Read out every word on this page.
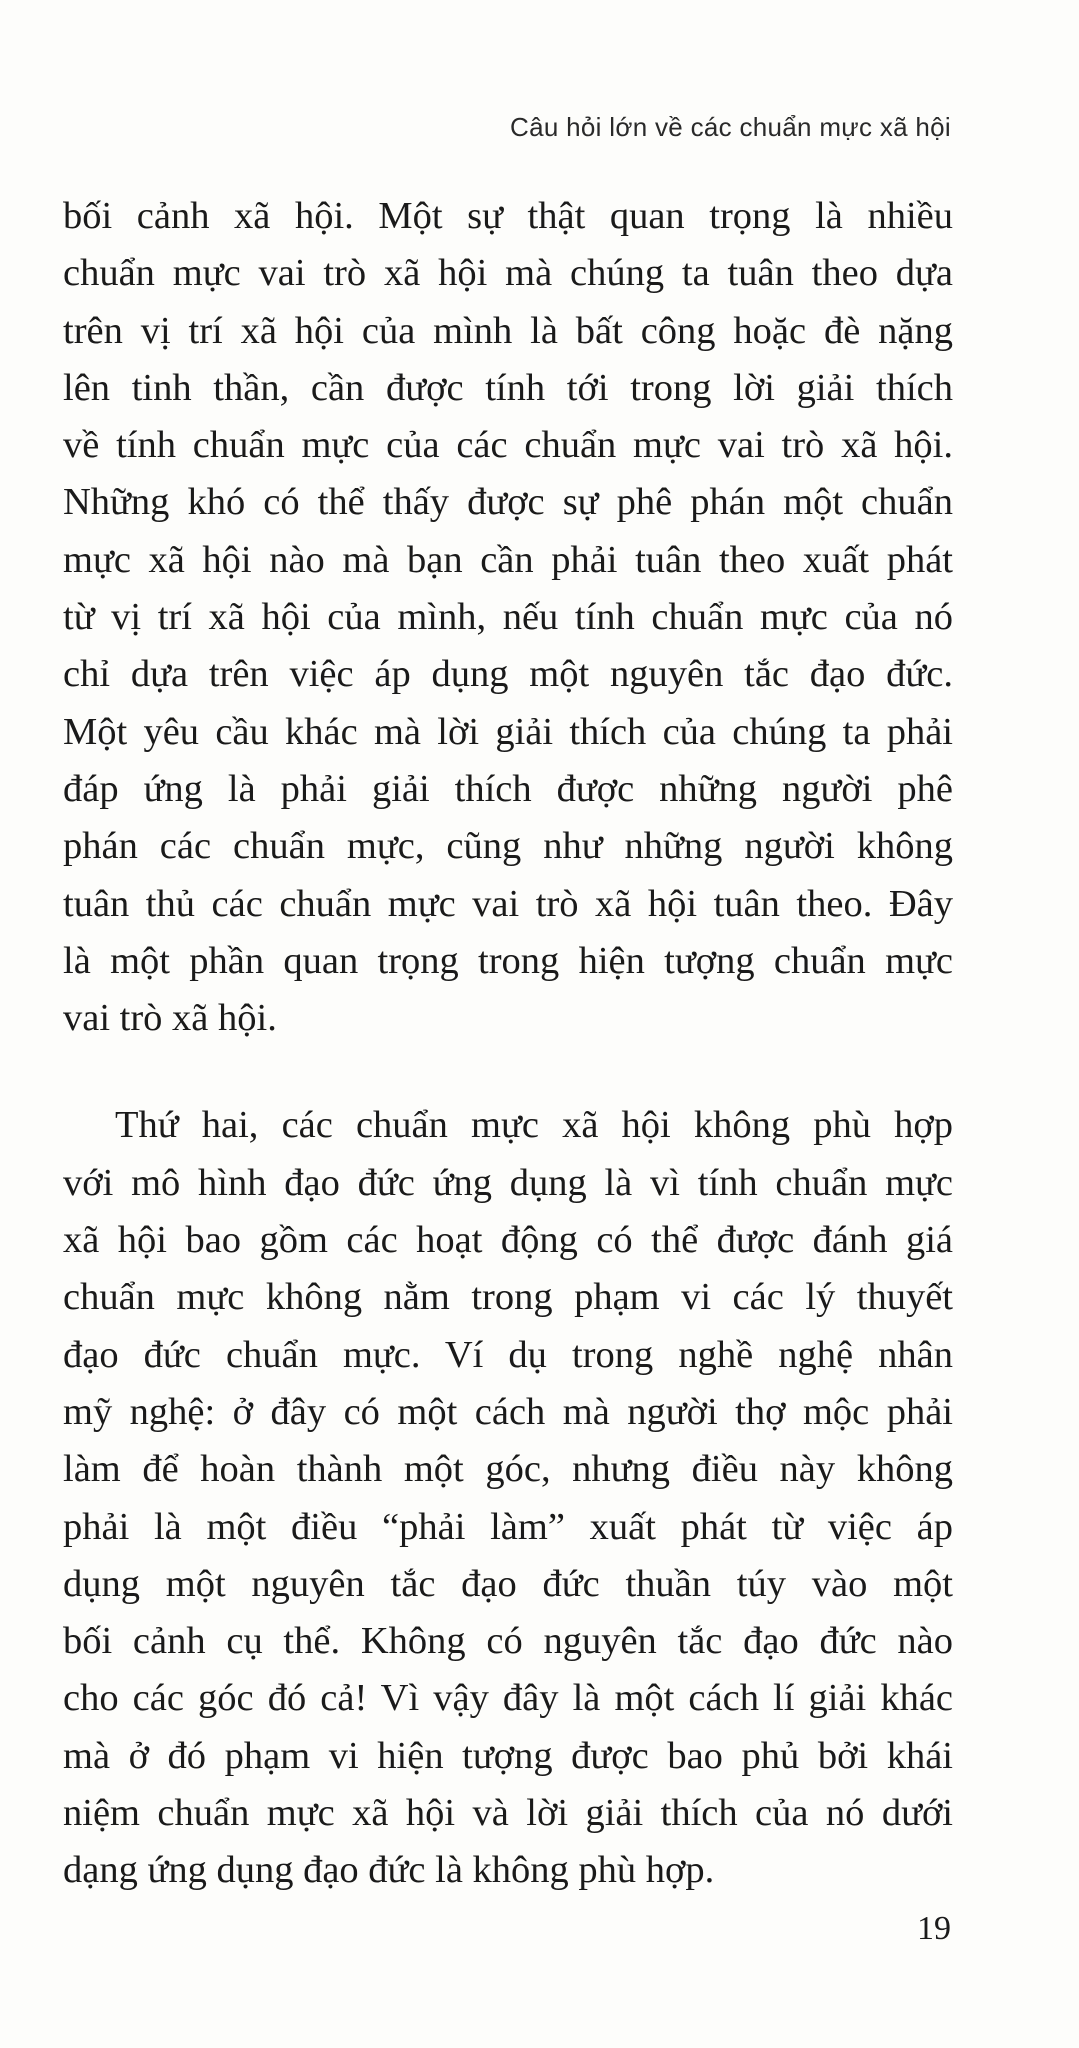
Câu hỏi lớn về các chuẩn mực xã hội
bối cảnh xã hội. Một sự thật quan trọng là nhiều
chuẩn mực vai trò xã hội mà chúng ta tuân theo dựa
trên vị trí xã hội của mình là bất công hoặc đè nặng
lên tinh thần, cần được tính tới trong lời giải thích
về tính chuẩn mực của các chuẩn mực vai trò xã hội.
Những khó có thể thấy được sự phê phán một chuẩn
mực xã hội nào mà bạn cần phải tuân theo xuất phát
từ vị trí xã hội của mình, nếu tính chuẩn mực của nó
chỉ dựa trên việc áp dụng một nguyên tắc đạo đức.
Một yêu cầu khác mà lời giải thích của chúng ta phải
đáp ứng là phải giải thích được những người phê
phán các chuẩn mực, cũng như những người không
tuân thủ các chuẩn mực vai trò xã hội tuân theo. Đây
là một phần quan trọng trong hiện tượng chuẩn mực
vai trò xã hội.
Thứ hai, các chuẩn mực xã hội không phù hợp
với mô hình đạo đức ứng dụng là vì tính chuẩn mực
xã hội bao gồm các hoạt động có thể được đánh giá
chuẩn mực không nằm trong phạm vi các lý thuyết
đạo đức chuẩn mực. Ví dụ trong nghề nghệ nhân
mỹ nghệ: ở đây có một cách mà người thợ mộc phải
làm để hoàn thành một góc, nhưng điều này không
phải là một điều “phải làm” xuất phát từ việc áp
dụng một nguyên tắc đạo đức thuần túy vào một
bối cảnh cụ thể. Không có nguyên tắc đạo đức nào
cho các góc đó cả! Vì vậy đây là một cách lí giải khác
mà ở đó phạm vi hiện tượng được bao phủ bởi khái
niệm chuẩn mực xã hội và lời giải thích của nó dưới
dạng ứng dụng đạo đức là không phù hợp.
19
